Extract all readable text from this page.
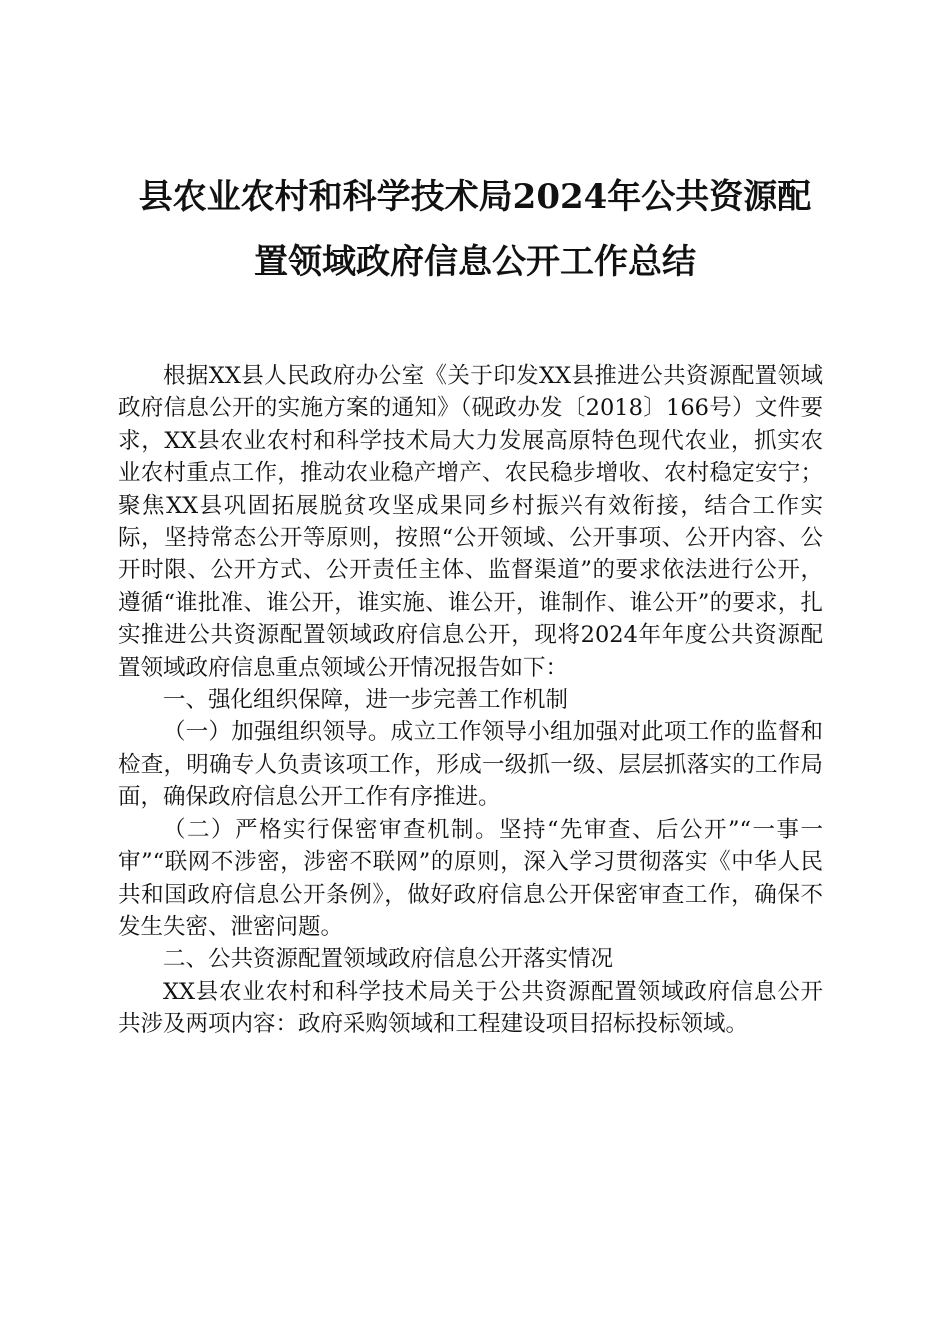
县农业农村和科学技术局2024年公共资源配
置领域政府信息公开工作总结

根据XX县人民政府办公室《关于印发XX县推进公共资源配置领域政府信息公开的实施方案的通知》（砚政办发〔2018〕166号）文件要求，XX县农业农村和科学技术局大力发展高原特色现代农业，抓实农业农村重点工作，推动农业稳产增产、农民稳步增收、农村稳定安宁；聚焦XX县巩固拓展脱贫攻坚成果同乡村振兴有效衔接，结合工作实际，坚持常态公开等原则，按照“公开领域、公开事项、公开内容、公开时限、公开方式、公开责任主体、监督渠道”的要求依法进行公开，遵循“谁批准、谁公开，谁实施、谁公开，谁制作、谁公开”的要求，扎实推进公共资源配置领域政府信息公开，现将2024年年度公共资源配置领域政府信息重点领域公开情况报告如下：

一、强化组织保障，进一步完善工作机制

（一）加强组织领导。成立工作领导小组加强对此项工作的监督和检查，明确专人负责该项工作，形成一级抓一级、层层抓落实的工作局面，确保政府信息公开工作有序推进。

（二）严格实行保密审查机制。坚持“先审查、后公开”“一事一审”“联网不涉密，涉密不联网”的原则，深入学习贯彻落实《中华人民共和国政府信息公开条例》，做好政府信息公开保密审查工作，确保不发生失密、泄密问题。

二、公共资源配置领域政府信息公开落实情况

XX县农业农村和科学技术局关于公共资源配置领域政府信息公开共涉及两项内容：政府采购领域和工程建设项目招标投标领域。
